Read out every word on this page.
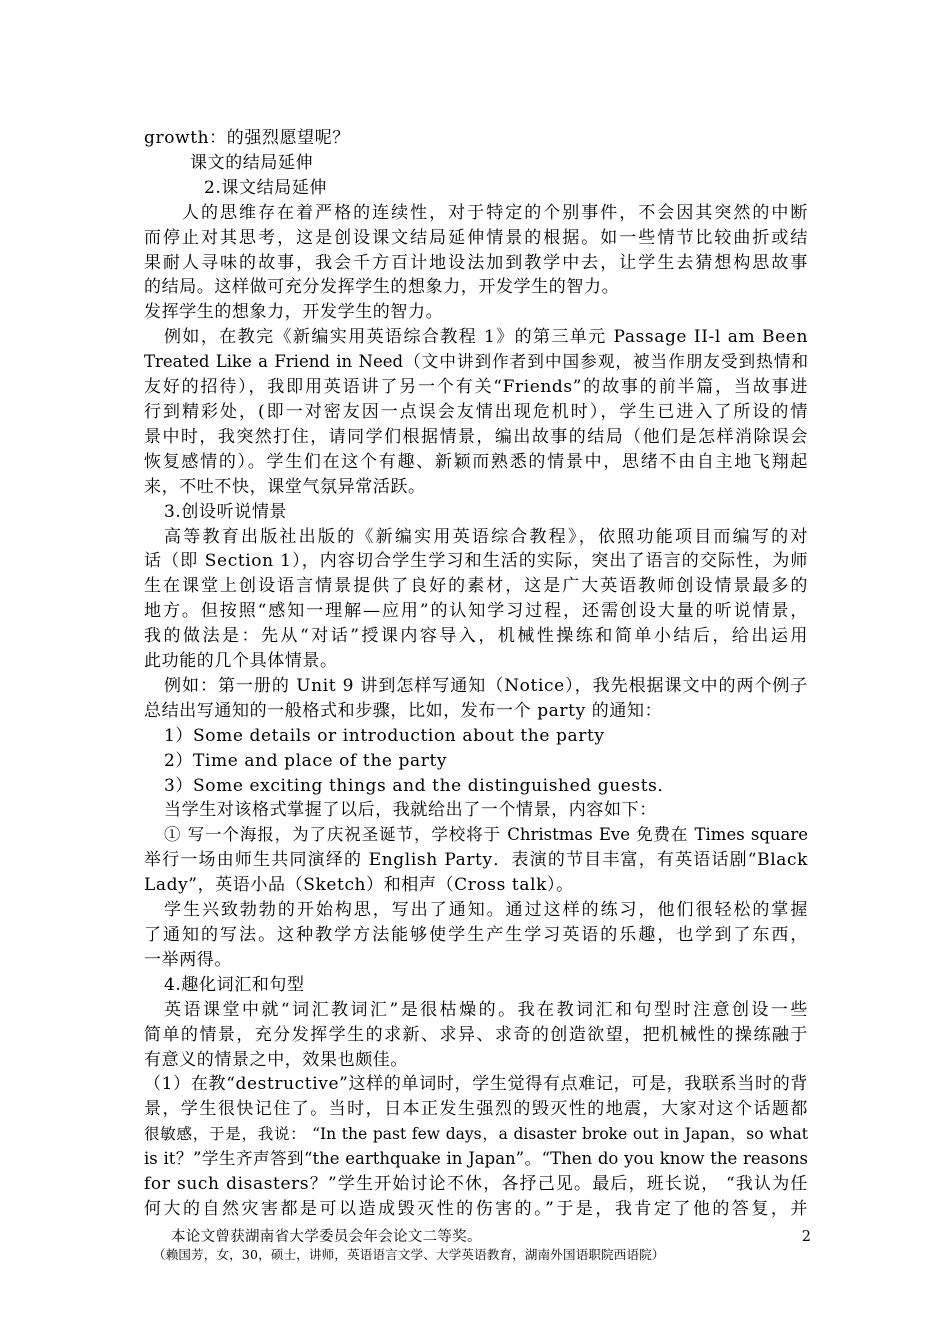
growth：的强烈愿望呢？
课文的结局延伸
2.课文结局延伸
人的思维存在着严格的连续性，对于特定的个别事件，不会因其突然的中断
而停止对其思考，这是创设课文结局延伸情景的根据。如一些情节比较曲折或结
果耐人寻味的故事，我会千方百计地设法加到教学中去，让学生去猜想构思故事
的结局。这样做可充分发挥学生的想象力，开发学生的智力。
发挥学生的想象力，开发学生的智力。
例如，在教完《新编实用英语综合教程 1》的第三单元 Passage II-l am Been
Treated Like a Friend in Need（文中讲到作者到中国参观，被当作朋友受到热情和
友好的招待），我即用英语讲了另一个有关“Friends”的故事的前半篇，当故事进
行到精彩处，(即一对密友因一点误会友情出现危机时），学生已进入了所设的情
景中时，我突然打住，请同学们根据情景，编出故事的结局（他们是怎样消除误会
恢复感情的）。学生们在这个有趣、新颖而熟悉的情景中，思绪不由自主地飞翔起
来，不吐不快，课堂气氛异常活跃。
3.创设听说情景
高等教育出版社出版的《新编实用英语综合教程》，依照功能项目而编写的对
话（即 Section 1），内容切合学生学习和生活的实际，突出了语言的交际性，为师
生在课堂上创设语言情景提供了良好的素材，这是广大英语教师创设情景最多的
地方。但按照“感知一理解—应用”的认知学习过程，还需创设大量的听说情景，
我的做法是：先从“对话”授课内容导入，机械性操练和简单小结后，给出运用
此功能的几个具体情景。
例如：第一册的 Unit 9 讲到怎样写通知（Notice），我先根据课文中的两个例子
总结出写通知的一般格式和步骤，比如，发布一个 party 的通知：
1）Some details or introduction about the party
2）Time and place of the party
3）Some exciting things and the distinguished guests．
当学生对该格式掌握了以后，我就给出了一个情景，内容如下：
① 写一个海报，为了庆祝圣诞节，学校将于 Christmas Eve 免费在 Times square
举行一场由师生共同演绎的 English Party．表演的节目丰富，有英语话剧“Black
Lady”，英语小品（Sketch）和相声（Cross talk）。
学生兴致勃勃的开始构思，写出了通知。通过这样的练习，他们很轻松的掌握
了通知的写法。这种教学方法能够使学生产生学习英语的乐趣，也学到了东西，
一举两得。
4.趣化词汇和句型
英语课堂中就“词汇教词汇”是很枯燥的。我在教词汇和句型时注意创设一些
简单的情景，充分发挥学生的求新、求异、求奇的创造欲望，把机械性的操练融于
有意义的情景之中，效果也颇佳。
（1）在教“destructive”这样的单词时，学生觉得有点难记，可是，我联系当时的背
景，学生很快记住了。当时，日本正发生强烈的毁灭性的地震，大家对这个话题都
很敏感，于是，我说： “In the past few days，a disaster broke out in Japan，so what
is it？”学生齐声答到“the earthquake in Japan”。“Then do you know the reasons
for such disasters？”学生开始讨论不休，各抒己见。最后，班长说， “我认为任
何大的自然灾害都是可以造成毁灭性的伤害的。”于是，我肯定了他的答复，并
本论文曾获湖南省大学委员会年会论文二等奖。
（赖国芳，女，30，硕士，讲师，英语语言文学、大学英语教育，湖南外国语职院西语院）
2
